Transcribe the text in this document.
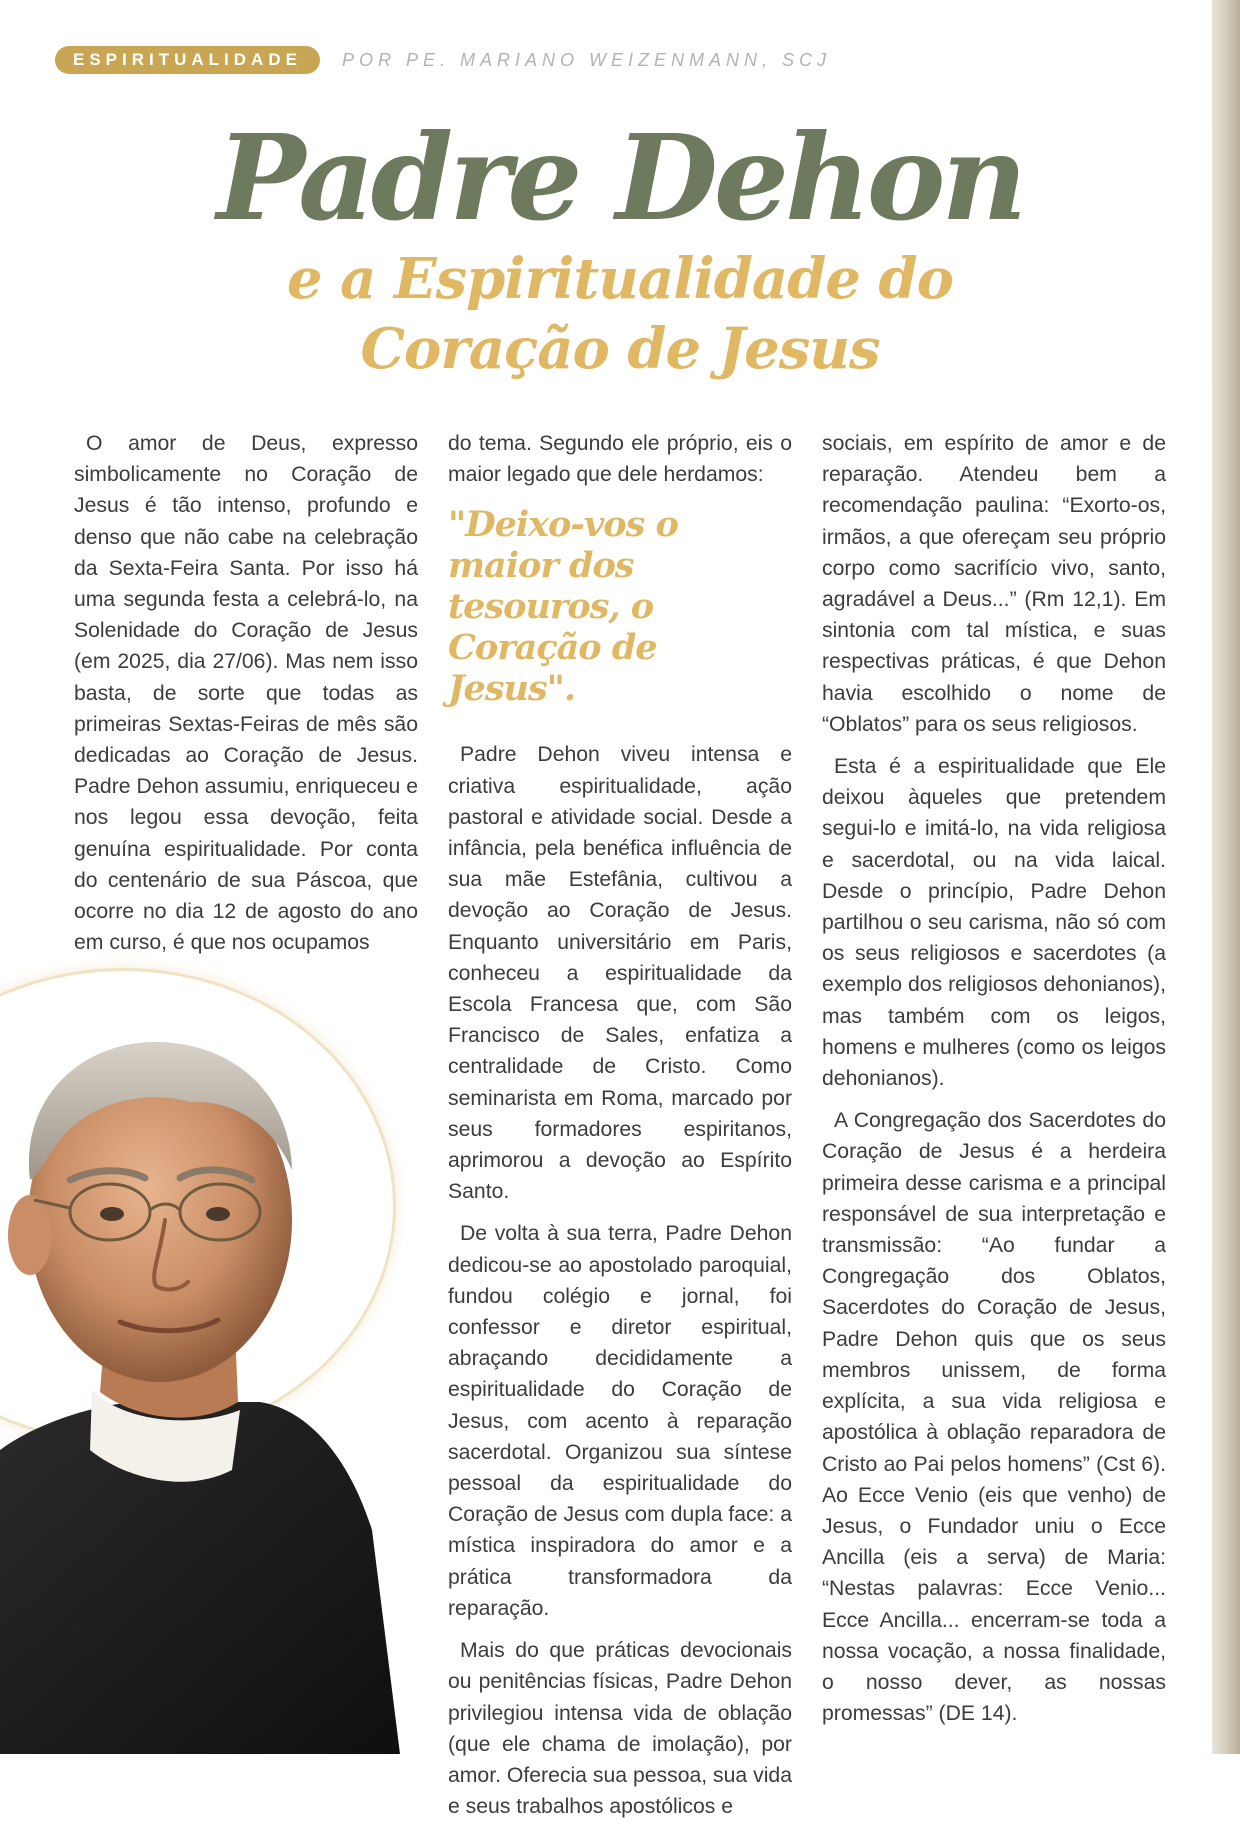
ESPIRITUALIDADE	POR PE. MARIANO WEIZENMANN, SCJ
Padre Dehon
e a Espiritualidade do
Coração de Jesus

O amor de Deus, expresso simbolicamente no Coração de Jesus é tão intenso, profundo e denso que não cabe na celebração da Sexta-Feira Santa. Por isso há uma segunda festa a celebrá-lo, na Solenidade do Coração de Jesus (em 2025, dia 27/06). Mas nem isso basta, de sorte que todas as primeiras Sextas-Feiras de mês são dedicadas ao Coração de Jesus. Padre Dehon assumiu, enriqueceu e nos legou essa devoção, feita genuína espiritualidade. Por conta do centenário de sua Páscoa, que ocorre no dia 12 de agosto do ano em curso, é que nos ocupamos

do tema. Segundo ele próprio, eis o maior legado que dele herdamos:

"Deixo-vos o maior dos tesouros, o Coração de Jesus".

Padre Dehon viveu intensa e criativa espiritualidade, ação pastoral e atividade social. Desde a infância, pela benéfica influência de sua mãe Estefânia, cultivou a devoção ao Coração de Jesus. Enquanto universitário em Paris, conheceu a espiritualidade da Escola Francesa que, com São Francisco de Sales, enfatiza a centralidade de Cristo. Como seminarista em Roma, marcado por seus formadores espiritanos, aprimorou a devoção ao Espírito Santo.

De volta à sua terra, Padre Dehon dedicou-se ao apostolado paroquial, fundou colégio e jornal, foi confessor e diretor espiritual, abraçando decididamente a espiritualidade do Coração de Jesus, com acento à reparação sacerdotal. Organizou sua síntese pessoal da espiritualidade do Coração de Jesus com dupla face: a mística inspiradora do amor e a prática transformadora da reparação.

Mais do que práticas devocionais ou penitências físicas, Padre Dehon privilegiou intensa vida de oblação (que ele chama de imolação), por amor. Oferecia sua pessoa, sua vida e seus trabalhos apostólicos e

sociais, em espírito de amor e de reparação. Atendeu bem a recomendação paulina: “Exorto-os, irmãos, a que ofereçam seu próprio corpo como sacrifício vivo, santo, agradável a Deus...” (Rm 12,1). Em sintonia com tal mística, e suas respectivas práticas, é que Dehon havia escolhido o nome de “Oblatos” para os seus religiosos.

Esta é a espiritualidade que Ele deixou àqueles que pretendem segui-lo e imitá-lo, na vida religiosa e sacerdotal, ou na vida laical. Desde o princípio, Padre Dehon partilhou o seu carisma, não só com os seus religiosos e sacerdotes (a exemplo dos religiosos dehonianos), mas também com os leigos, homens e mulheres (como os leigos dehonianos).

A Congregação dos Sacerdotes do Coração de Jesus é a herdeira primeira desse carisma e a principal responsável de sua interpretação e transmissão: “Ao fundar a Congregação dos Oblatos, Sacerdotes do Coração de Jesus, Padre Dehon quis que os seus membros unissem, de forma explícita, a sua vida religiosa e apostólica à oblação reparadora de Cristo ao Pai pelos homens” (Cst 6). Ao Ecce Venio (eis que venho) de Jesus, o Fundador uniu o Ecce Ancilla (eis a serva) de Maria: “Nestas palavras: Ecce Venio... Ecce Ancilla... encerram-se toda a nossa vocação, a nossa finalidade, o nosso dever, as nossas promessas” (DE 14).
